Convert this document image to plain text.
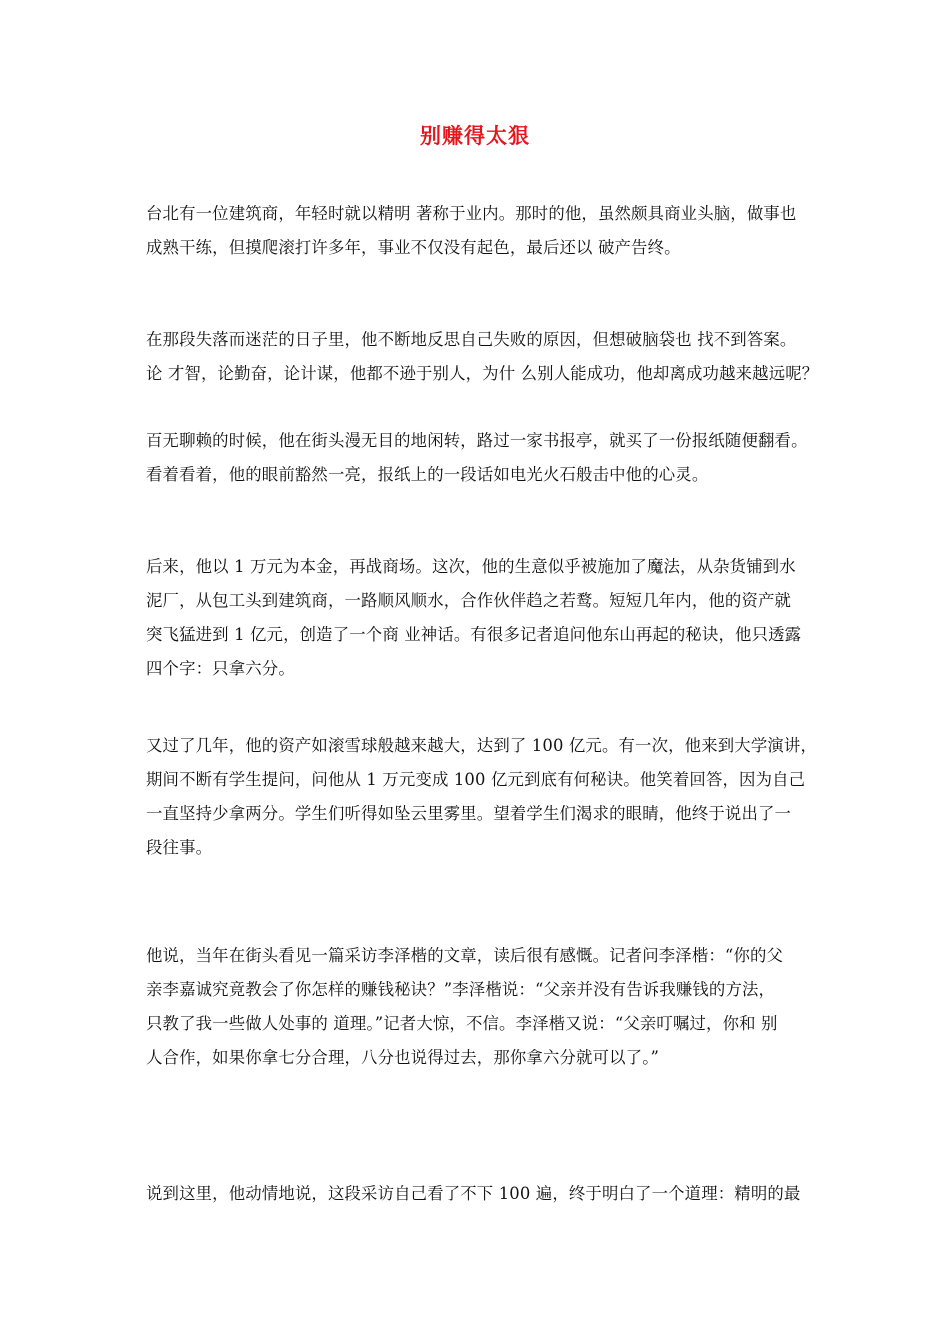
别赚得太狠
台北有一位建筑商，年轻时就以精明 著称于业内。那时的他，虽然颇具商业头脑，做事也
成熟干练，但摸爬滚打许多年，事业不仅没有起色，最后还以 破产告终。
在那段失落而迷茫的日子里，他不断地反思自己失败的原因，但想破脑袋也 找不到答案。
论 才智，论勤奋，论计谋，他都不逊于别人，为什 么别人能成功，他却离成功越来越远呢？
百无聊赖的时候，他在街头漫无目的地闲转，路过一家书报亭，就买了一份报纸随便翻看。
看着看着，他的眼前豁然一亮，报纸上的一段话如电光火石般击中他的心灵。
后来，他以 1 万元为本金，再战商场。这次，他的生意似乎被施加了魔法，从杂货铺到水
泥厂，从包工头到建筑商，一路顺风顺水，合作伙伴趋之若鹜。短短几年内，他的资产就
突飞猛进到 1 亿元，创造了一个商 业神话。有很多记者追问他东山再起的秘诀，他只透露
四个字：只拿六分。
又过了几年，他的资产如滚雪球般越来越大，达到了 100 亿元。有一次，他来到大学演讲，
期间不断有学生提问，问他从 1 万元变成 100 亿元到底有何秘诀。他笑着回答，因为自己
一直坚持少拿两分。学生们听得如坠云里雾里。望着学生们渴求的眼睛，他终于说出了一
段往事。
他说，当年在街头看见一篇采访李泽楷的文章，读后很有感慨。记者问李泽楷：“你的父
亲李嘉诚究竟教会了你怎样的赚钱秘诀？”李泽楷说：“父亲并没有告诉我赚钱的方法，
只教了我一些做人处事的 道理。”记者大惊，不信。李泽楷又说：“父亲叮嘱过，你和 别
人合作，如果你拿七分合理，八分也说得过去，那你拿六分就可以了。”
说到这里，他动情地说，这段采访自己看了不下 100 遍，终于明白了一个道理：精明的最
